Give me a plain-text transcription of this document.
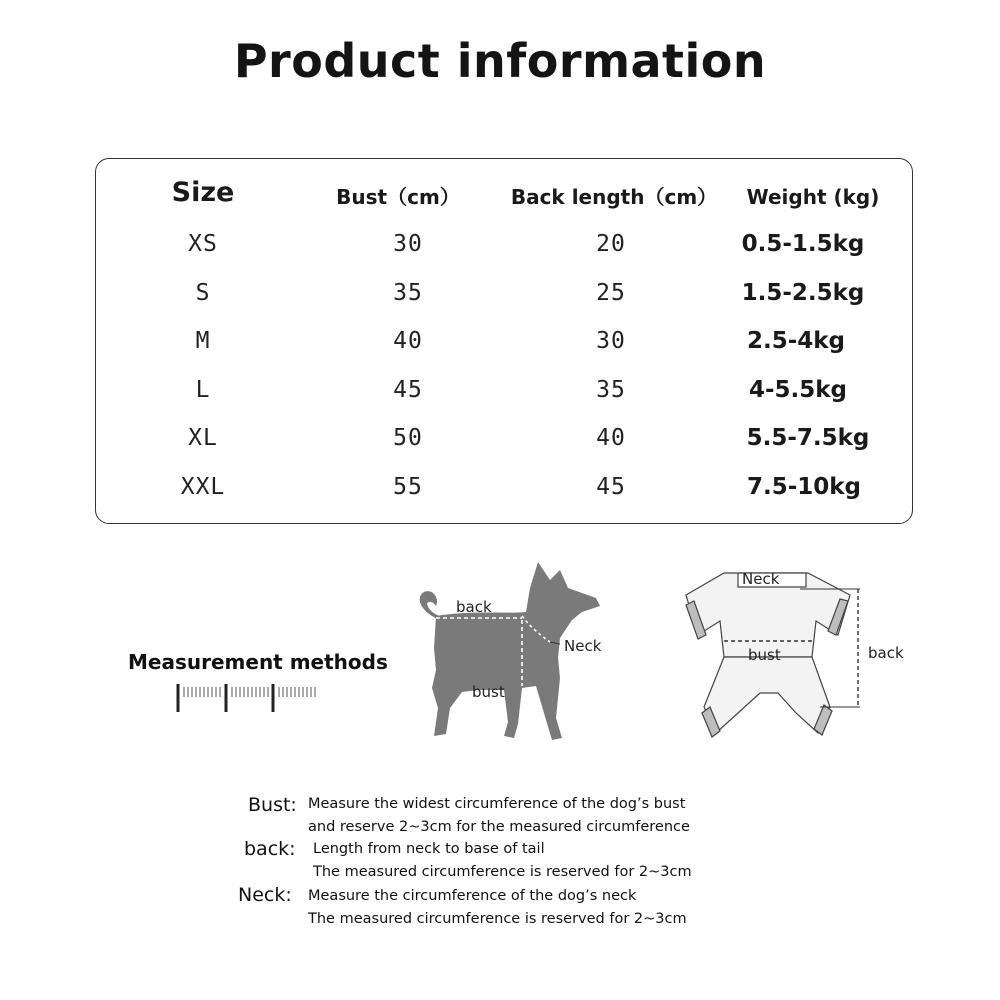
Product information
Size	Bust（cm）	Back length（cm） Weight (kg)
XS	30	20	0.5-1.5kg
S	35	25	1.5-2.5kg
M	40	30	2.5-4kg
L	45	35	4-5.5kg
XL	50	40	5.5-7.5kg
XXL	55	45	7.5-10kg
Measurement methods
back
Neck
bust
Neck
bust	back
Bust: Measure the widest circumference of the dog’s bust
and reserve 2~3cm for the measured circumference
back: Length from neck to base of tail
The measured circumference is reserved for 2~3cm
Neck: Measure the circumference of the dog’s neck
The measured circumference is reserved for 2~3cm
